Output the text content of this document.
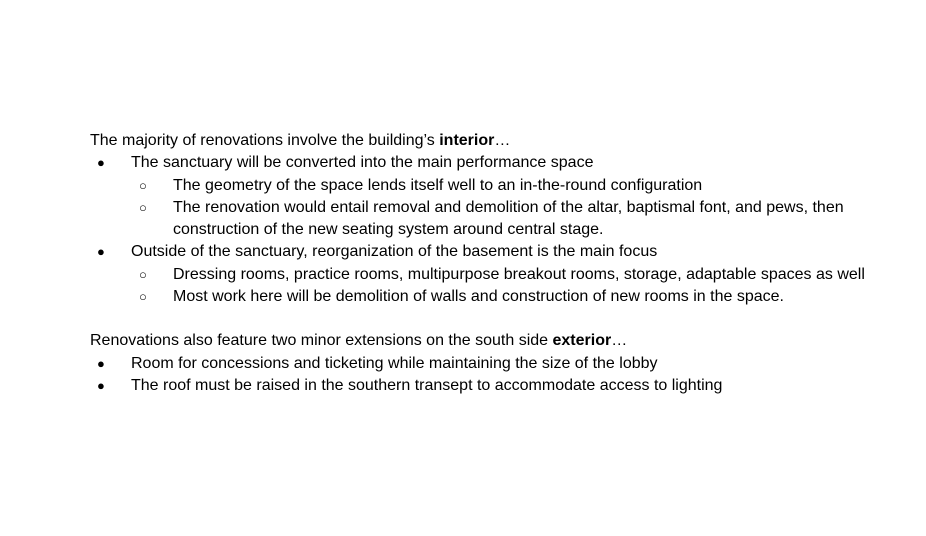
The majority of renovations involve the building’s interior…

●	The sanctuary will be converted into the main performance space
○	The geometry of the space lends itself well to an in-the-round configuration
○	The renovation would entail removal and demolition of the altar, baptismal font, and pews, then construction of the new seating system around central stage.
●	Outside of the sanctuary, reorganization of the basement is the main focus
○	Dressing rooms, practice rooms, multipurpose breakout rooms, storage, adaptable spaces as well
○	Most work here will be demolition of walls and construction of new rooms in the space.

Renovations also feature two minor extensions on the south side exterior…

●	Room for concessions and ticketing while maintaining the size of the lobby
●	The roof must be raised in the southern transept to accommodate access to lighting
